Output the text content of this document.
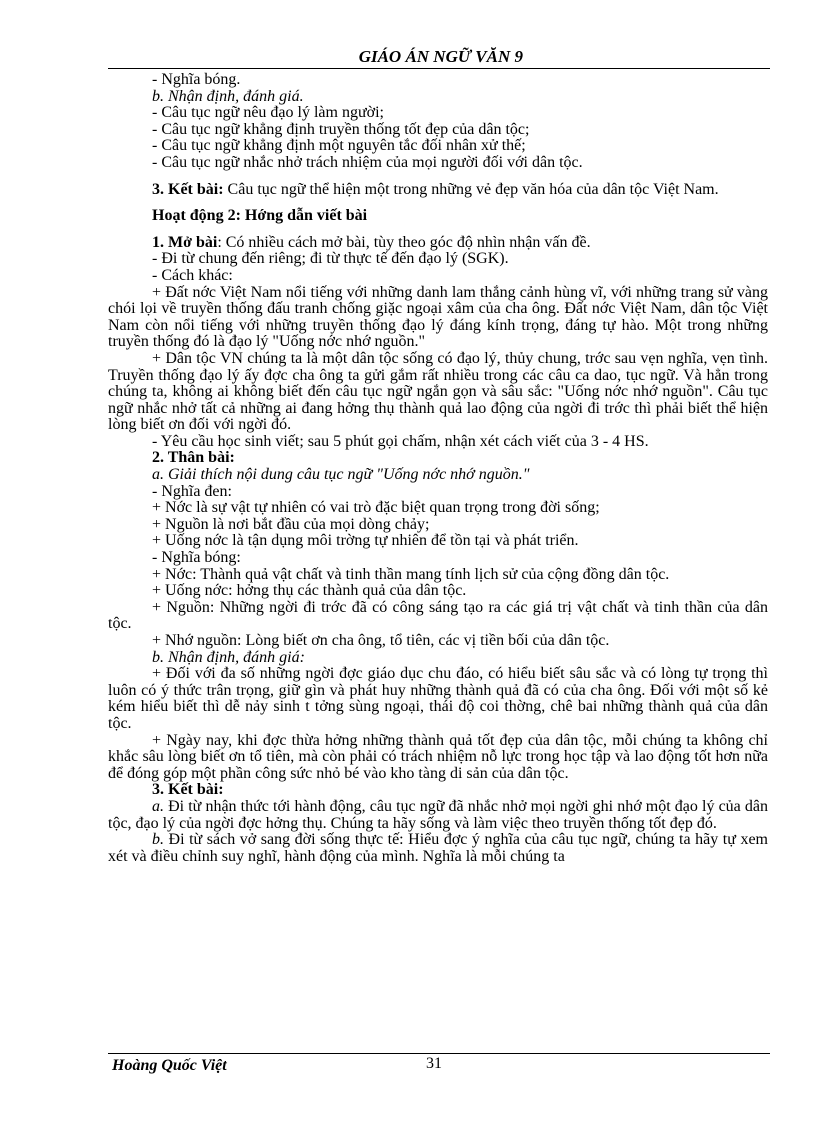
GIÁO ÁN NGỮ VĂN 9

- Nghĩa bóng.

b. Nhận định, đánh giá.

- Câu tục ngữ nêu đạo lý làm người;

- Câu tục ngữ khẳng định truyền thống tốt đẹp của dân tộc;

- Câu tục ngữ khẳng định một nguyên tắc đối nhân xử thế;

- Câu tục ngữ nhắc nhở trách nhiệm của mọi người đối với dân tộc.

3. Kết bài: Câu tục ngữ thể hiện một trong những vẻ đẹp văn hóa của dân tộc Việt Nam.

Hoạt động 2: Hớng dẫn viết bài

1. Mở bài: Có nhiều cách mở bài, tùy theo góc độ nhìn nhận vấn đề.

- Đi từ chung đến riêng; đi từ thực tế đến đạo lý (SGK).

- Cách khác:

+ Đất nớc Việt Nam nổi tiếng với những danh lam thắng cảnh hùng vĩ, với những trang sử vàng chói lọi về truyền thống đấu tranh chống giặc ngoại xâm của cha ông. Đất nớc Việt Nam, dân tộc Việt Nam còn nổi tiếng với những truyền thống đạo lý đáng kính trọng, đáng tự hào. Một trong những truyền thống đó là đạo lý "Uống nớc nhớ nguồn."

+ Dân tộc VN chúng ta là một dân tộc sống có đạo lý, thủy chung, trớc sau vẹn nghĩa, vẹn tình. Truyền thống đạo lý ấy đợc cha ông ta gửi gắm rất nhiều trong các câu ca dao, tục ngữ. Và hẳn trong chúng ta, không ai không biết đến câu tục ngữ ngắn gọn và sâu sắc: "Uống nớc nhớ nguồn". Câu tục ngữ nhắc nhở tất cả những ai đang hởng thụ thành quả lao động của ngời đi trớc thì phải biết thể hiện lòng biết ơn đối với ngời đó.

- Yêu cầu học sinh viết; sau 5 phút gọi chấm, nhận xét cách viết của 3 - 4 HS.

2. Thân bài:

a. Giải thích nội dung câu tục ngữ "Uống nớc nhớ nguồn."

- Nghĩa đen:

+ Nớc là sự vật tự nhiên có vai trò đặc biệt quan trọng trong đời sống;

+ Nguồn là nơi bắt đầu của mọi dòng chảy;

+ Uống nớc là tận dụng môi trờng tự nhiên để tồn tại và phát triển.

- Nghĩa bóng:

+ Nớc: Thành quả vật chất và tinh thần mang tính lịch sử của cộng đồng dân tộc.

+ Uống nớc: hởng thụ các thành quả của dân tộc.

+ Nguồn: Những ngời đi trớc đã có công sáng tạo ra các giá trị vật chất và tinh thần của dân tộc.

+ Nhớ nguồn: Lòng biết ơn cha ông, tổ tiên, các vị tiền bối của dân tộc.

b. Nhận định, đánh giá:

+ Đối với đa số những ngời đợc giáo dục chu đáo, có hiểu biết sâu sắc và có lòng tự trọng thì luôn có ý thức trân trọng, giữ gìn và phát huy những thành quả đã có của cha ông. Đối với một số kẻ kém hiểu biết thì dễ nảy sinh t tởng sùng ngoại, thái độ coi thờng, chê bai những thành quả của dân tộc.

+ Ngày nay, khi đợc thừa hởng những thành quả tốt đẹp của dân tộc, mỗi chúng ta không chỉ khắc sâu lòng biết ơn tổ tiên, mà còn phải có trách nhiệm nỗ lực trong học tập và lao động tốt hơn nữa để đóng góp một phần công sức nhỏ bé vào kho tàng di sản của dân tộc.

3. Kết bài:

a. Đi từ nhận thức tới hành động, câu tục ngữ đã nhắc nhở mọi ngời ghi nhớ một đạo lý của dân tộc, đạo lý của ngời đợc hởng thụ. Chúng ta hãy sống và làm việc theo truyền thống tốt đẹp đó.

b. Đi từ sách vở sang đời sống thực tế: Hiểu đợc ý nghĩa của câu tục ngữ, chúng ta hãy tự xem xét và điều chỉnh suy nghĩ, hành động của mình. Nghĩa là mỗi chúng ta

Hoàng Quốc Việt	31
